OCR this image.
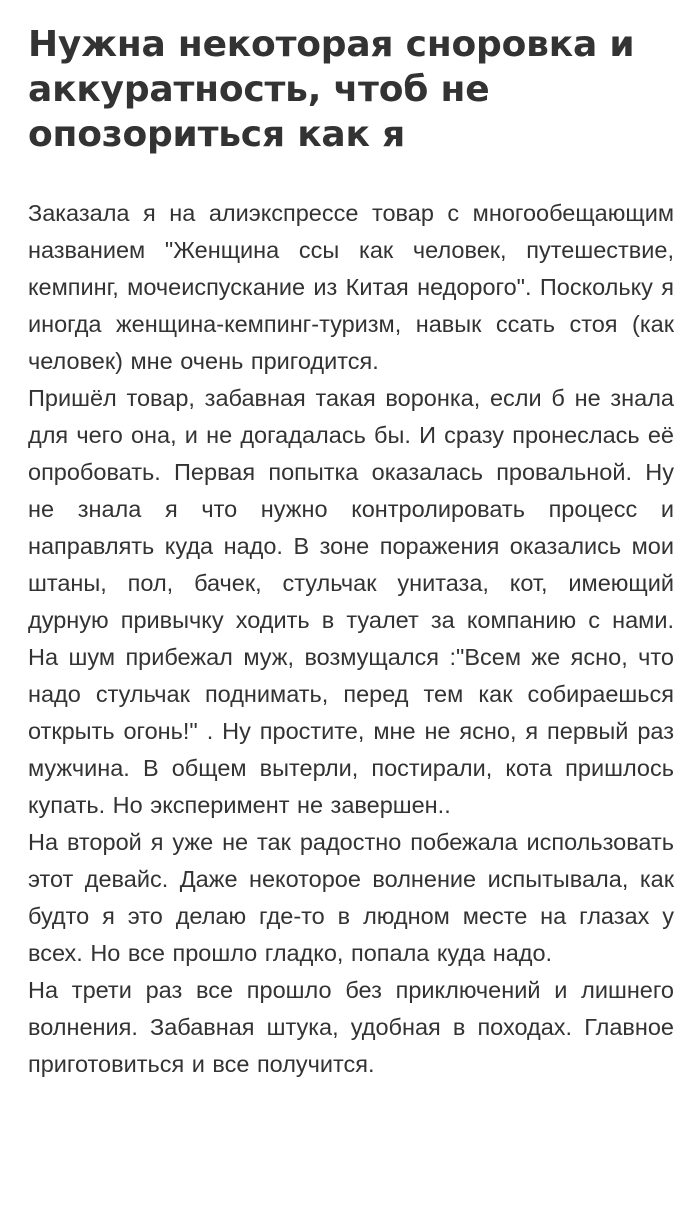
Нужна некоторая сноровка и аккуратность, чтоб не опозориться как я

Заказала я на алиэкспрессе товар с многообещающим названием "Женщина ссы как человек, путешествие, кемпинг, мочеиспускание из Китая недорого". Поскольку я иногда женщина-кемпинг-туризм, навык ссать стоя (как человек) мне очень пригодится.

Пришёл товар, забавная такая воронка, если б не знала для чего она, и не догадалась бы. И сразу пронеслась её опробовать. Первая попытка оказалась провальной. Ну не знала я что нужно контролировать процесс и направлять куда надо. В зоне поражения оказались мои штаны, пол, бачек, стульчак унитаза, кот, имеющий дурную привычку ходить в туалет за компанию с нами. На шум прибежал муж, возмущался :"Всем же ясно, что надо стульчак поднимать, перед тем как собираешься открыть огонь!" . Ну простите, мне не ясно, я первый раз мужчина. В общем вытерли, постирали, кота пришлось купать. Но эксперимент не завершен..

На второй я уже не так радостно побежала использовать этот девайс. Даже некоторое волнение испытывала, как будто я это делаю где-то в людном месте на глазах у всех. Но все прошло гладко, попала куда надо.

На трети раз все прошло без приключений и лишнего волнения. Забавная штука, удобная в походах. Главное приготовиться и все получится.
